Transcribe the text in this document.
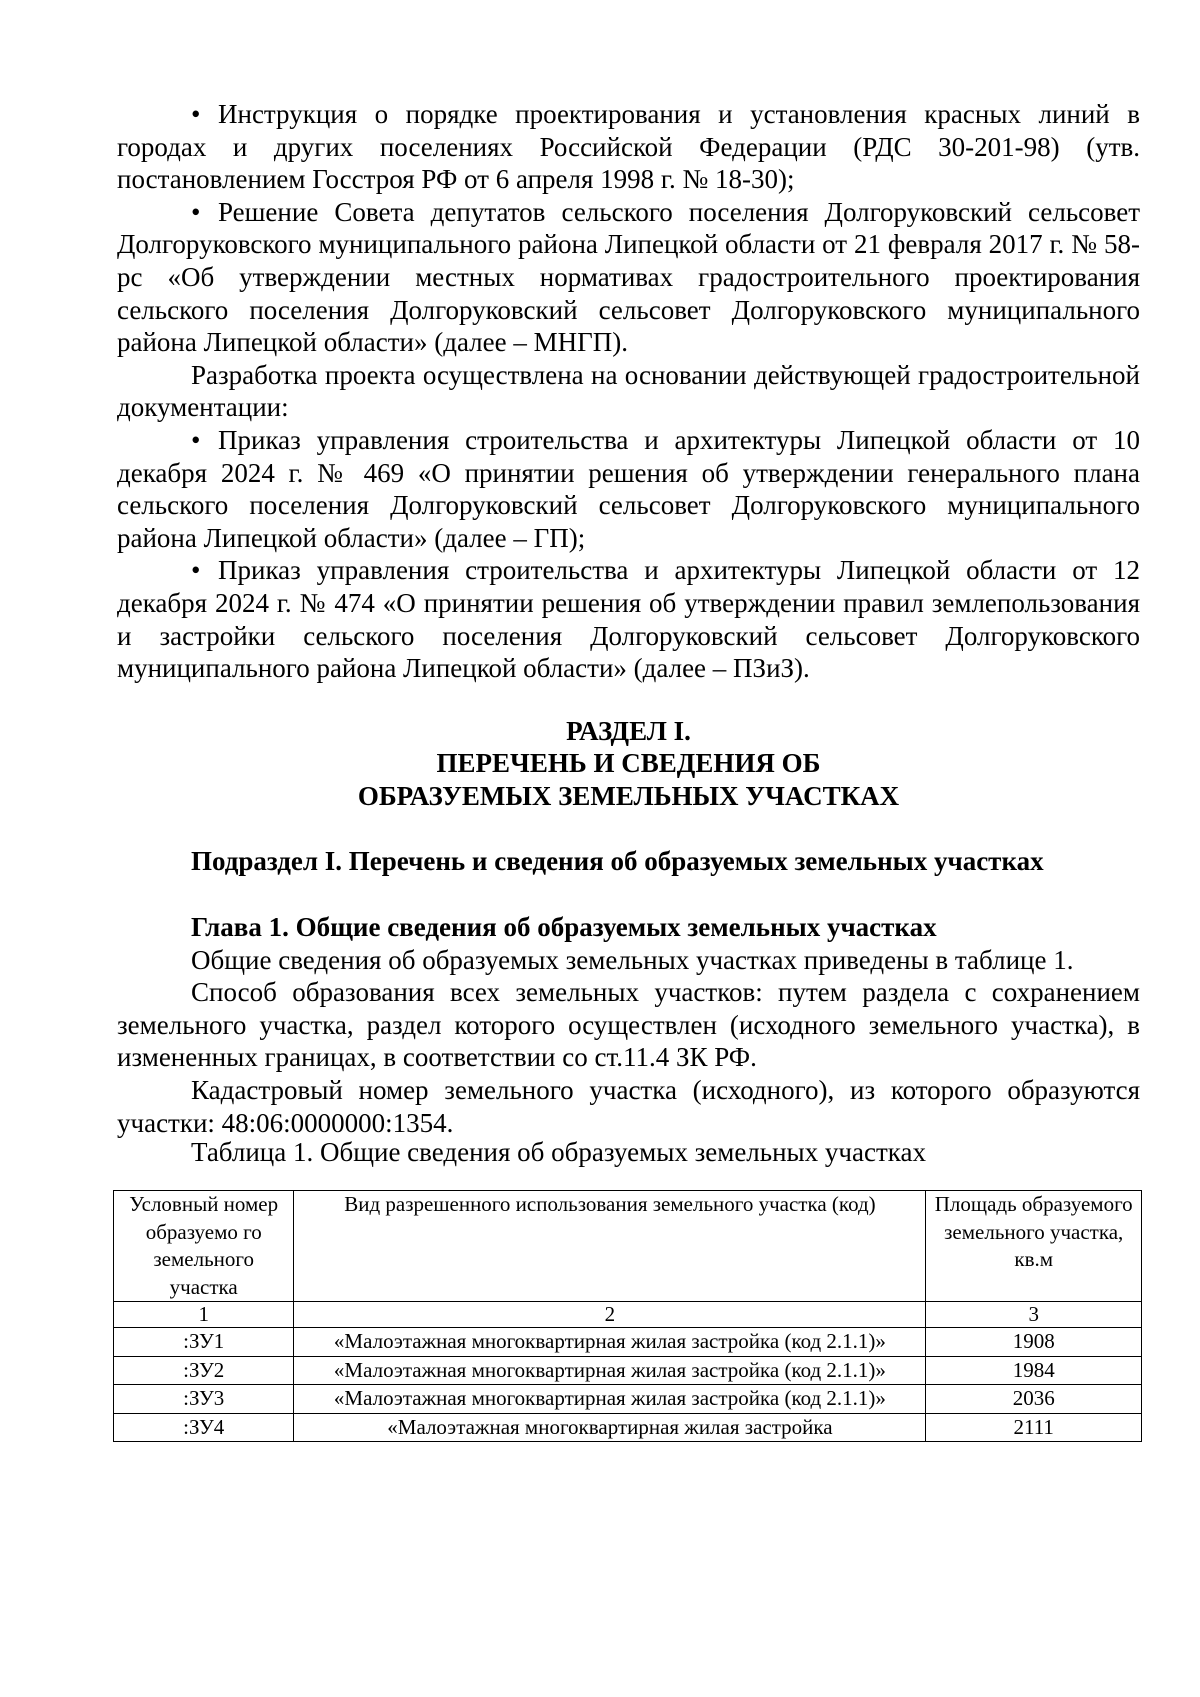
• Инструкция о порядке проектирования и установления красных линий в городах и других поселениях Российской Федерации (РДС 30-201-98) (утв. постановлением Госстроя РФ от 6 апреля 1998 г. № 18-30);

• Решение Совета депутатов сельского поселения Долгоруковский сельсовет Долгоруковского муниципального района Липецкой области от 21 февраля 2017 г. № 58-рс «Об утверждении местных нормативах градостроительного проектирования сельского поселения Долгоруковский сельсовет Долгоруковского муниципального района Липецкой области» (далее – МНГП).

Разработка проекта осуществлена на основании действующей градостроительной документации:

• Приказ управления строительства и архитектуры Липецкой области от 10 декабря 2024 г. № 469 «О принятии решения об утверждении генерального плана сельского поселения Долгоруковский сельсовет Долгоруковского муниципального района Липецкой области» (далее – ГП);

• Приказ управления строительства и архитектуры Липецкой области от 12 декабря 2024 г. № 474 «О принятии решения об утверждении правил землепользования и застройки сельского поселения Долгоруковский сельсовет Долгоруковского муниципального района Липецкой области» (далее – ПЗиЗ).

РАЗДЕЛ I.
ПЕРЕЧЕНЬ И СВЕДЕНИЯ ОБ
ОБРАЗУЕМЫХ ЗЕМЕЛЬНЫХ УЧАСТКАХ

Подраздел I. Перечень и сведения об образуемых земельных участках

Глава 1. Общие сведения об образуемых земельных участках

Общие сведения об образуемых земельных участках приведены в таблице 1.

Способ образования всех земельных участков: путем раздела с сохранением земельного участка, раздел которого осуществлен (исходного земельного участка), в измененных границах, в соответствии со ст.11.4 ЗК РФ.

Кадастровый номер земельного участка (исходного), из которого образуются участки: 48:06:0000000:1354.

Таблица 1. Общие сведения об образуемых земельных участках

Условный номер образуемо го земельного участка	Вид разрешенного использования земельного участка (код)	Площадь образуемого земельного участка, кв.м
1	2	3
:ЗУ1	«Малоэтажная многоквартирная жилая застройка (код 2.1.1)»	1908
:ЗУ2	«Малоэтажная многоквартирная жилая застройка (код 2.1.1)»	1984
:ЗУ3	«Малоэтажная многоквартирная жилая застройка (код 2.1.1)»	2036
:ЗУ4	«Малоэтажная многоквартирная жилая застройка	2111
